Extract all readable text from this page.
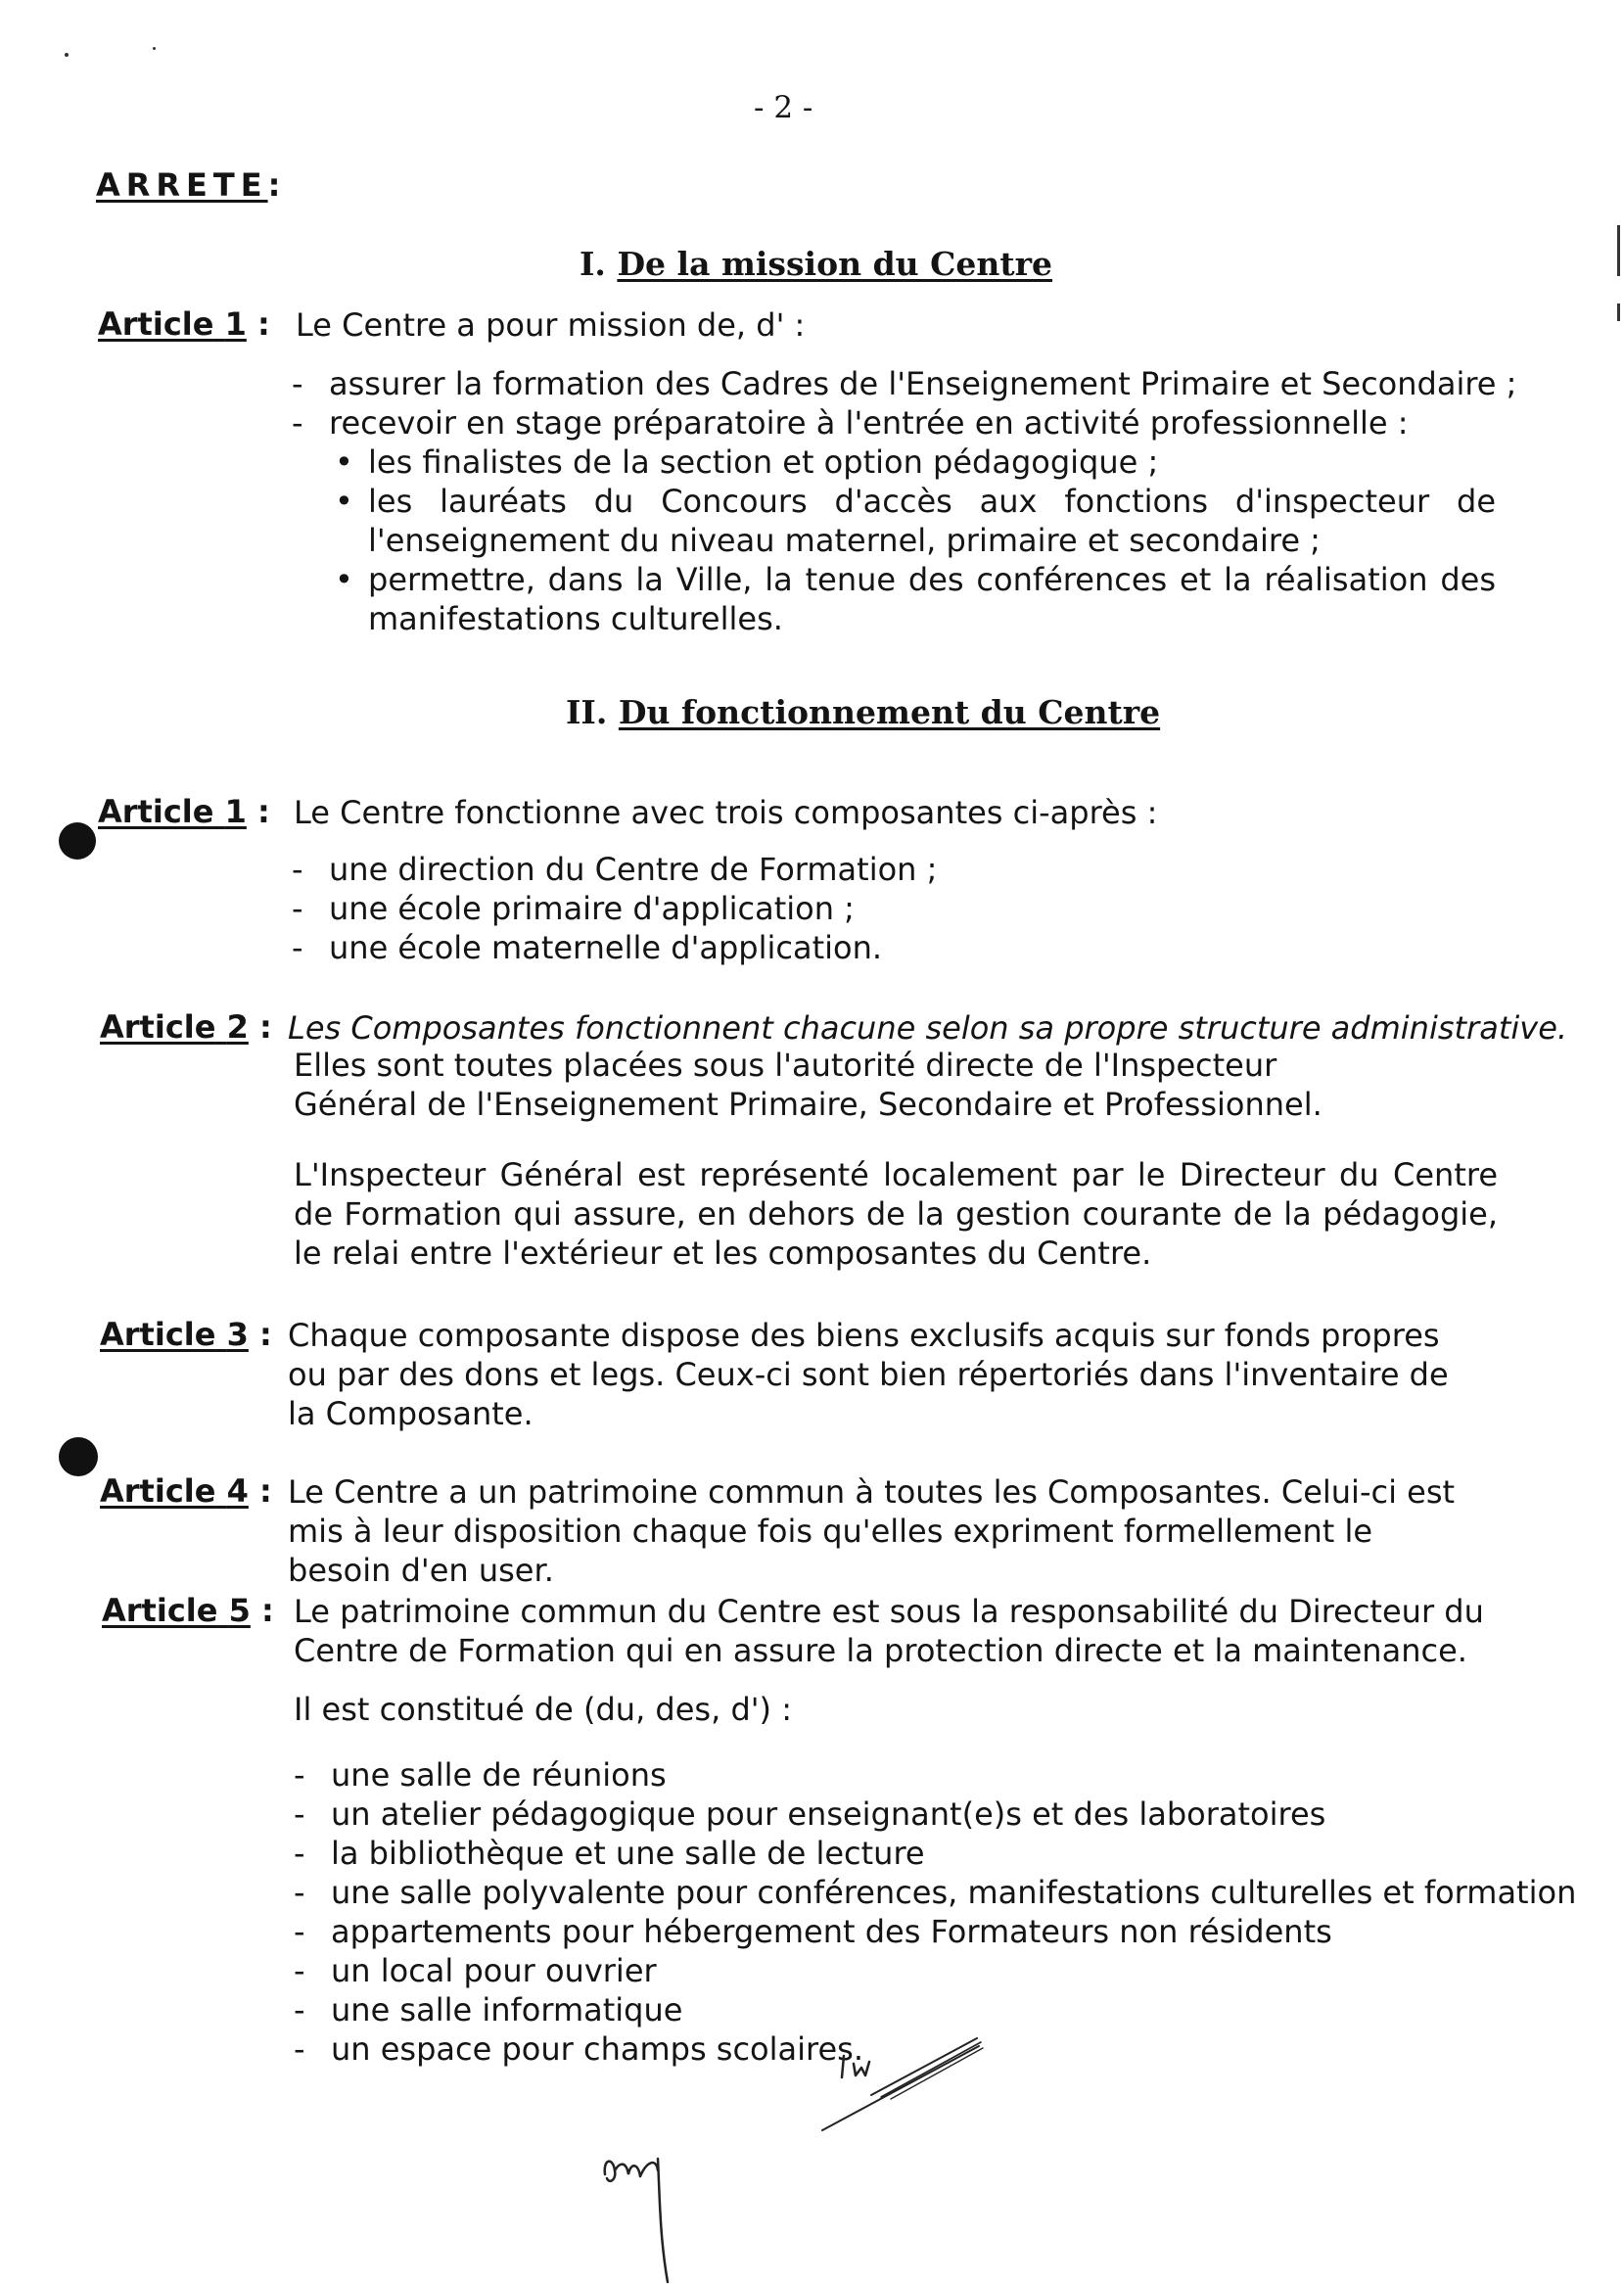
- 2 -
ARRETE:
I. De la mission du Centre
Article 1 : Le Centre a pour mission de, d' :
- assurer la formation des Cadres de l'Enseignement Primaire et Secondaire ;
- recevoir en stage préparatoire à l'entrée en activité professionnelle :
• les finalistes de la section et option pédagogique ;
• les lauréats du Concours d'accès aux fonctions d'inspecteur de l'enseignement du niveau maternel, primaire et secondaire ;
• permettre, dans la Ville, la tenue des conférences et la réalisation des manifestations culturelles.
II. Du fonctionnement du Centre
Article 1 : Le Centre fonctionne avec trois composantes ci-après :
- une direction du Centre de Formation ;
- une école primaire d'application ;
- une école maternelle d'application.
Article 2 : Les Composantes fonctionnent chacune selon sa propre structure administrative.
Elles sont toutes placées sous l'autorité directe de l'Inspecteur Général de l'Enseignement Primaire, Secondaire et Professionnel.
L'Inspecteur Général est représenté localement par le Directeur du Centre de Formation qui assure, en dehors de la gestion courante de la pédagogie, le relai entre l'extérieur et les composantes du Centre.
Article 3 : Chaque composante dispose des biens exclusifs acquis sur fonds propres ou par des dons et legs. Ceux-ci sont bien répertoriés dans l'inventaire de la Composante.
Article 4 : Le Centre a un patrimoine commun à toutes les Composantes. Celui-ci est mis à leur disposition chaque fois qu'elles expriment formellement le besoin d'en user.
Article 5 : Le patrimoine commun du Centre est sous la responsabilité du Directeur du Centre de Formation qui en assure la protection directe et la maintenance.
Il est constitué de (du, des, d') :
- une salle de réunions
- un atelier pédagogique pour enseignant(e)s et des laboratoires
- la bibliothèque et une salle de lecture
- une salle polyvalente pour conférences, manifestations culturelles et formation
- appartements pour hébergement des Formateurs non résidents
- un local pour ouvrier
- une salle informatique
- un espace pour champs scolaires.
